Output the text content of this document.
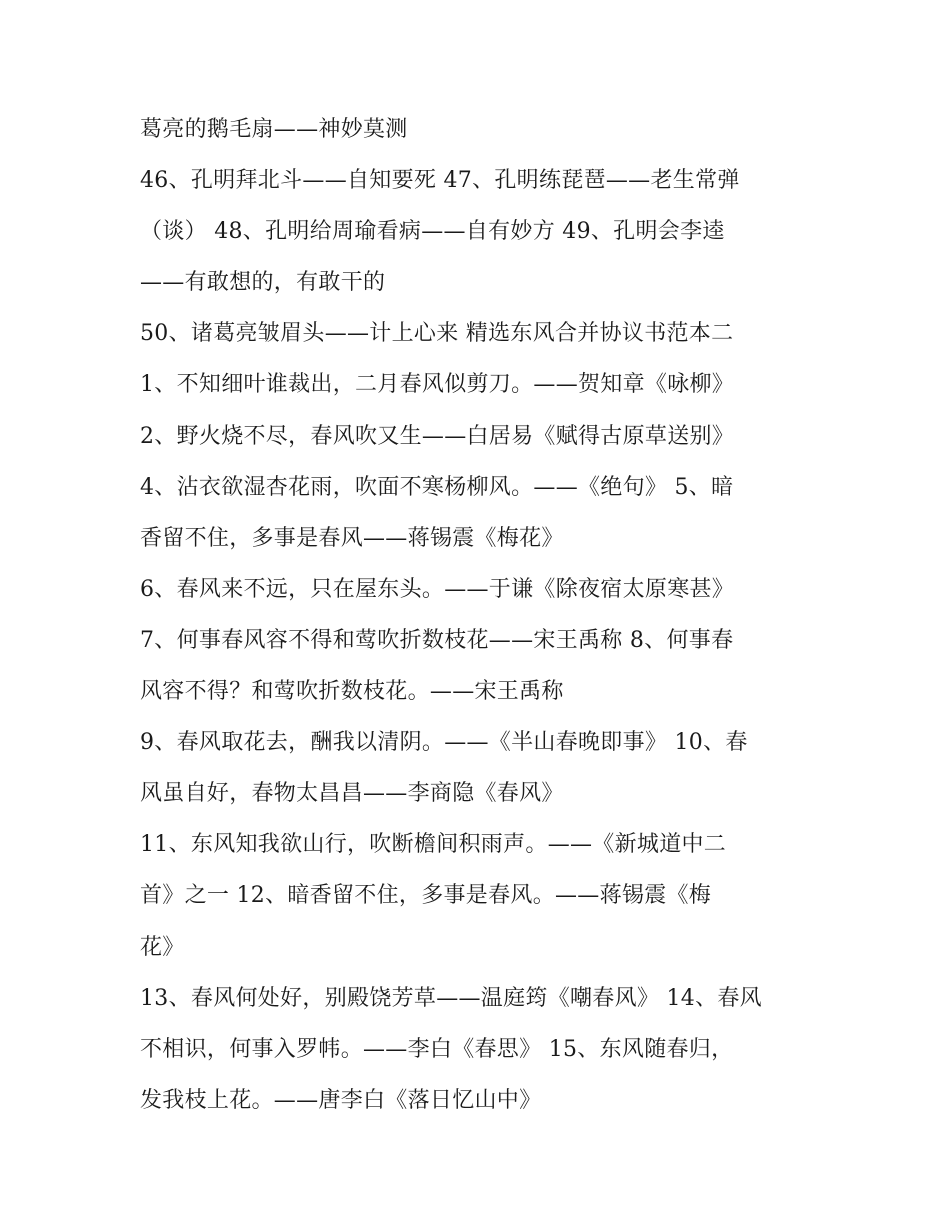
葛亮的鹅毛扇——神妙莫测
46、孔明拜北斗——自知要死 47、孔明练琵琶——老生常弹
（谈） 48、孔明给周瑜看病——自有妙方 49、孔明会李逵
——有敢想的，有敢干的
50、诸葛亮皱眉头——计上心来 精选东风合并协议书范本二
1、不知细叶谁裁出，二月春风似剪刀。——贺知章《咏柳》
2、野火烧不尽，春风吹又生——白居易《赋得古原草送别》
4、沾衣欲湿杏花雨，吹面不寒杨柳风。——《绝句》 5、暗
香留不住，多事是春风——蒋锡震《梅花》
6、春风来不远，只在屋东头。——于谦《除夜宿太原寒甚》
7、何事春风容不得和莺吹折数枝花——宋王禹称 8、何事春
风容不得？和莺吹折数枝花。——宋王禹称
9、春风取花去，酬我以清阴。——《半山春晚即事》 10、春
风虽自好，春物太昌昌——李商隐《春风》
11、东风知我欲山行，吹断檐间积雨声。——《新城道中二
首》之一 12、暗香留不住，多事是春风。——蒋锡震《梅
花》
13、春风何处好，别殿饶芳草——温庭筠《嘲春风》 14、春风
不相识，何事入罗帏。——李白《春思》 15、东风随春归，
发我枝上花。——唐李白《落日忆山中》
